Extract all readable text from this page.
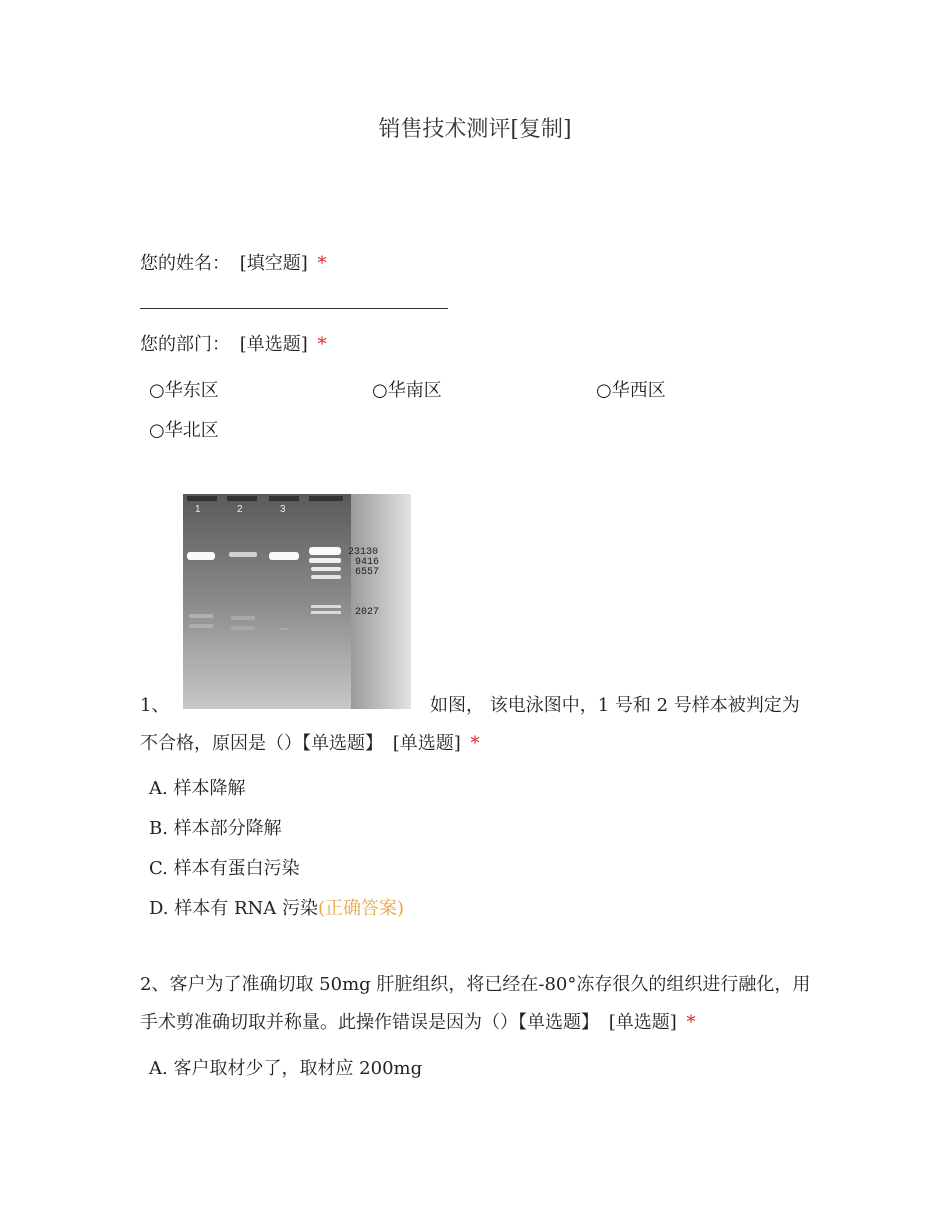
销售技术测评[复制]
您的姓名： [填空题] *
您的部门： [单选题] *
○华东区	○华南区	○华西区
○华北区
1	2	3
23130
9416
6557
2027
1、	如图， 该电泳图中，1 号和 2 号样本被判定为
不合格，原因是（）【单选题】 [单选题] *
A. 样本降解
B. 样本部分降解
C. 样本有蛋白污染
D. 样本有 RNA 污染(正确答案)
2、客户为了准确切取 50mg 肝脏组织，将已经在-80°冻存很久的组织进行融化，用
手术剪准确切取并称量。此操作错误是因为（）【单选题】 [单选题] *
A. 客户取材少了，取材应 200mg
